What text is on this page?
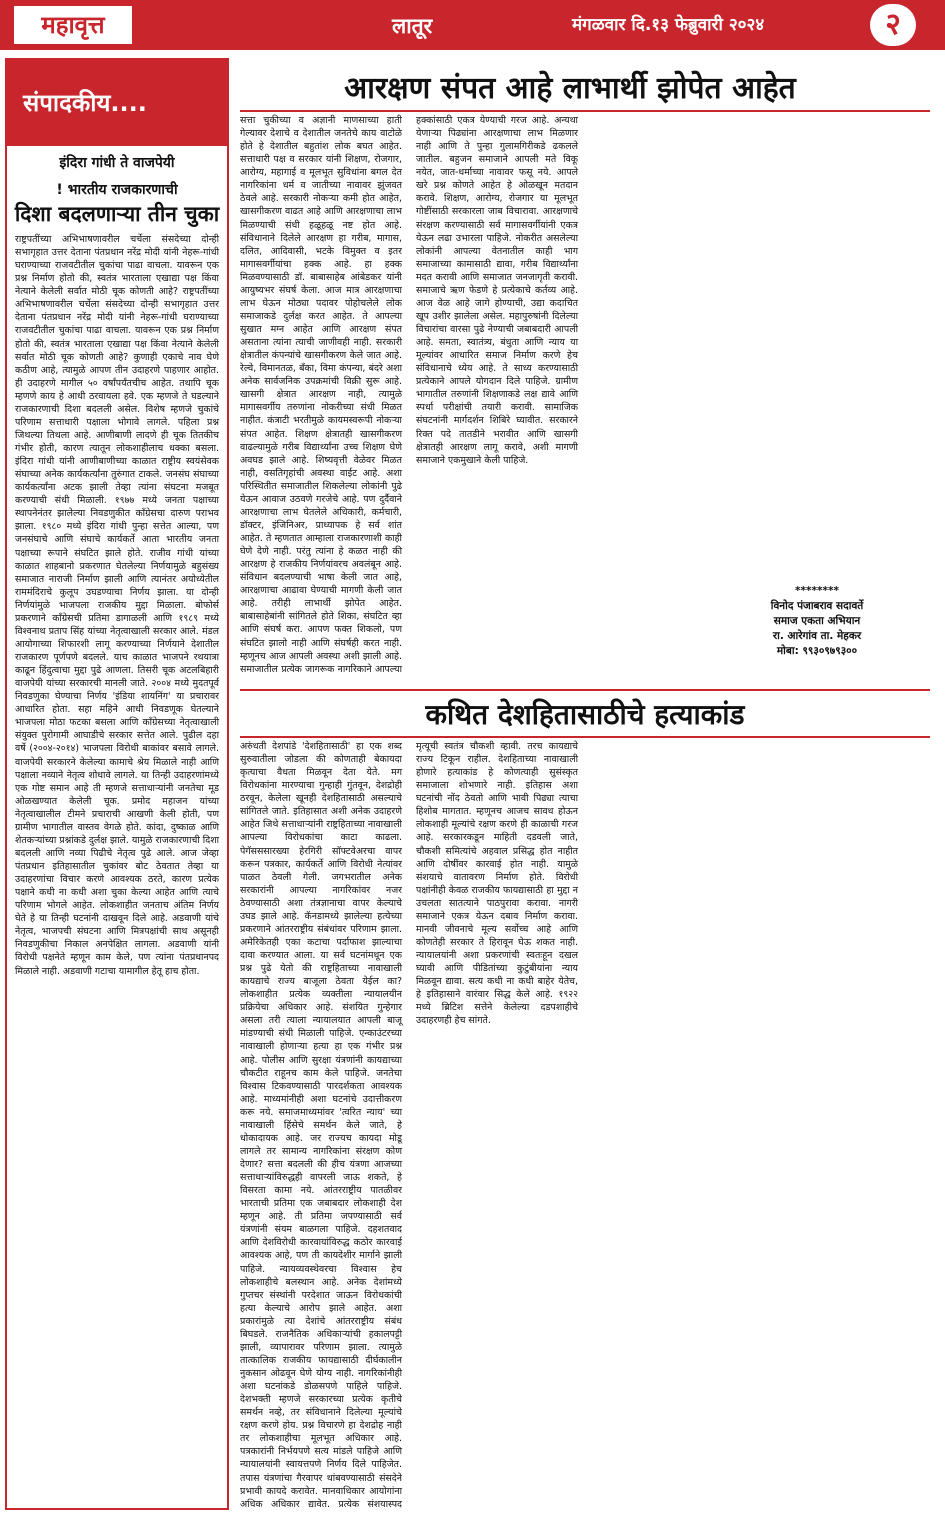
महावृत्त	लातूर	मंगळवार दि.१३ फेब्रुवारी २०२४	२
संपादकीय....
इंदिरा गांधी ते वाजपेयी
! भारतीय राजकारणाची
दिशा बदलणाऱ्या तीन चुका
राष्ट्रपतींच्या अभिभाषणावरील चर्चेला संसदेच्या दोन्ही सभागृहात उत्तर देताना पंतप्रधान नरेंद्र मोदी यांनी नेहरू-गांधी घराण्याच्या राजवटीतील चुकांचा पाढा वाचला. यावरून एक प्रश्न निर्माण होतो की, स्वतंत्र भारताला एखाद्या पक्ष किंवा नेत्याने केलेली सर्वात मोठी चूक कोणती आहे? राष्ट्रपतींच्या अभिभाषणावरील चर्चेला संसदेच्या दोन्ही सभागृहात उत्तर देताना पंतप्रधान नरेंद्र मोदी यांनी नेहरू-गांधी घराण्याच्या राजवटीतील चुकांचा पाढा वाचला. यावरून एक प्रश्न निर्माण होतो की, स्वतंत्र भारताला एखाद्या पक्ष किंवा नेत्याने केलेली सर्वात मोठी चूक कोणती आहे? कुणाही एकाचे नाव घेणे कठीण आहे, त्यामुळे आपण तीन उदाहरणे पाहणार आहोत. ही उदाहरणे मागील ५० वर्षांपर्यंतचीच आहेत. तथापि चूक म्हणणे काय हे आधी ठरवायला हवे. एक म्हणजे ते घडल्याने राजकारणाची दिशा बदलली असेल. विशेष म्हणजे चुकांचे परिणाम सत्ताधारी पक्षाला भोगावे लागले. पहिला प्रश्न जिथल्या तिथला आहे. आणीबाणी लादणे ही चूक तितकीच गंभीर होती, कारण त्यातून लोकशाहीलाच धक्का बसला. इंदिरा गांधी यांनी आणीबाणीच्या काळात राष्ट्रीय स्वयंसेवक संघाच्या अनेक कार्यकर्त्यांना तुरुंगात टाकले. जनसंघ संघाच्या कार्यकर्त्यांना अटक झाली तेव्हा त्यांना संघटना मजबूत करण्याची संधी मिळाली. १९७७ मध्ये जनता पक्षाच्या स्थापनेनंतर झालेल्या निवडणुकीत काँग्रेसचा दारुण पराभव झाला. १९८० मध्ये इंदिरा गांधी पुन्हा सत्तेत आल्या, पण जनसंघाचे आणि संघाचे कार्यकर्ते आता भारतीय जनता पक्षाच्या रूपाने संघटित झाले होते. राजीव गांधी यांच्या काळात शाहबानो प्रकरणात घेतलेल्या निर्णयामुळे बहुसंख्य समाजात नाराजी निर्माण झाली आणि त्यानंतर अयोध्येतील राममंदिराचे कुलूप उघडण्याचा निर्णय झाला. या दोन्ही निर्णयांमुळे भाजपला राजकीय मुद्दा मिळाला. बोफोर्स प्रकरणाने काँग्रेसची प्रतिमा डागाळली आणि १९८९ मध्ये विश्वनाथ प्रताप सिंह यांच्या नेतृत्वाखाली सरकार आले. मंडल आयोगाच्या शिफारशी लागू करण्याच्या निर्णयाने देशातील राजकारण पूर्णपणे बदलले. याच काळात भाजपने रथयात्रा काढून हिंदुत्वाचा मुद्दा पुढे आणला. तिसरी चूक अटलबिहारी वाजपेयी यांच्या सरकारची मानली जाते. २००४ मध्ये मुदतपूर्व निवडणुका घेण्याचा निर्णय 'इंडिया शायनिंग' या प्रचारावर आधारित होता. सहा महिने आधी निवडणूक घेतल्याने भाजपला मोठा फटका बसला आणि काँग्रेसच्या नेतृत्वाखाली संयुक्त पुरोगामी आघाडीचे सरकार सत्तेत आले. पुढील दहा वर्षे (२००४-२०१४) भाजपला विरोधी बाकांवर बसावे लागले. वाजपेयी सरकारने केलेल्या कामाचे श्रेय मिळाले नाही आणि पक्षाला नव्याने नेतृत्व शोधावे लागले. या तिन्ही उदाहरणांमध्ये एक गोष्ट समान आहे ती म्हणजे सत्ताधाऱ्यांनी जनतेचा मूड ओळखण्यात केलेली चूक. प्रमोद महाजन यांच्या नेतृत्वाखालील टीमने प्रचाराची आखणी केली होती, पण ग्रामीण भागातील वास्तव वेगळे होते. कांदा, दुष्काळ आणि शेतकऱ्यांच्या प्रश्नांकडे दुर्लक्ष झाले. यामुळे राजकारणाची दिशा बदलली आणि नव्या पिढीचे नेतृत्व पुढे आले. आज जेव्हा पंतप्रधान इतिहासातील चुकांवर बोट ठेवतात तेव्हा या उदाहरणांचा विचार करणे आवश्यक ठरते, कारण प्रत्येक पक्षाने कधी ना कधी अशा चुका केल्या आहेत आणि त्याचे परिणाम भोगले आहेत. लोकशाहीत जनताच अंतिम निर्णय घेते हे या तिन्ही घटनांनी दाखवून दिले आहे. अडवाणी यांचे नेतृत्व, भाजपची संघटना आणि मित्रपक्षांची साथ असूनही निवडणुकीचा निकाल अनपेक्षित लागला. अडवाणी यांनी विरोधी पक्षनेते म्हणून काम केले, पण त्यांना पंतप्रधानपद मिळाले नाही. अडवाणी गटाचा यामागील हेतू हाच होता.
आरक्षण संपत आहे लाभार्थी झोपेत आहेत

सत्ता चुकीच्या व अज्ञानी माणसाच्या हाती गेल्यावर देशाचे व देशातील जनतेचे काय वाटोळे होते हे देशातील बहुतांश लोक बघत आहेत. सत्ताधारी पक्ष व सरकार यांनी शिक्षण, रोजगार, आरोग्य, महागाई व मूलभूत सुविधांना बगल देत नागरिकांना धर्म व जातीच्या नावावर झुंजवत ठेवले आहे. सरकारी नोकऱ्या कमी होत आहेत, खासगीकरण वाढत आहे आणि आरक्षणाचा लाभ मिळण्याची संधी हळूहळू नष्ट होत आहे. संविधानाने दिलेले आरक्षण हा गरीब, मागास, दलित, आदिवासी, भटके विमुक्त व इतर मागासवर्गीयांचा हक्क आहे. हा हक्क मिळवण्यासाठी डॉ. बाबासाहेब आंबेडकर यांनी आयुष्यभर संघर्ष केला. आज मात्र आरक्षणाचा लाभ घेऊन मोठ्या पदावर पोहोचलेले लोक समाजाकडे दुर्लक्ष करत आहेत. ते आपल्या सुखात मग्न आहेत आणि आरक्षण संपत असताना त्यांना त्याची जाणीवही नाही. सरकारी क्षेत्रातील कंपन्यांचे खासगीकरण केले जात आहे. रेल्वे, विमानतळ, बँका, विमा कंपन्या, बंदरे अशा अनेक सार्वजनिक उपक्रमांची विक्री सुरू आहे. खासगी क्षेत्रात आरक्षण नाही, त्यामुळे मागासवर्गीय तरुणांना नोकरीच्या संधी मिळत नाहीत. कंत्राटी भरतीमुळे कायमस्वरूपी नोकऱ्या संपत आहेत. शिक्षण क्षेत्रातही खासगीकरण वाढल्यामुळे गरीब विद्यार्थ्यांना उच्च शिक्षण घेणे अवघड झाले आहे. शिष्यवृत्ती वेळेवर मिळत नाही, वसतिगृहांची अवस्था वाईट आहे. अशा परिस्थितीत समाजातील शिकलेल्या लोकांनी पुढे येऊन आवाज उठवणे गरजेचे आहे. पण दुर्दैवाने आरक्षणाचा लाभ घेतलेले अधिकारी, कर्मचारी, डॉक्टर, इंजिनिअर, प्राध्यापक हे सर्व शांत आहेत. ते म्हणतात आम्हाला राजकारणाशी काही घेणे देणे नाही. परंतु त्यांना हे कळत नाही की आरक्षण हे राजकीय निर्णयांवरच अवलंबून आहे. संविधान बदलण्याची भाषा केली जात आहे, आरक्षणाचा आढावा घेण्याची मागणी केली जात आहे. तरीही लाभार्थी झोपेत आहेत. बाबासाहेबांनी सांगितले होते शिका, संघटित व्हा आणि संघर्ष करा. आपण फक्त शिकलो, पण संघटित झालो नाही आणि संघर्षही करत नाही. म्हणूनच आज आपली अवस्था अशी झाली आहे. समाजातील प्रत्येक जागरूक नागरिकाने आपल्या हक्कांसाठी एकत्र येण्याची गरज आहे. अन्यथा येणाऱ्या पिढ्यांना आरक्षणाचा लाभ मिळणार नाही आणि ते पुन्हा गुलामगिरीकडे ढकलले जातील. बहुजन समाजाने आपली मते विकू नयेत, जात-धर्माच्या नावावर फसू नये. आपले खरे प्रश्न कोणते आहेत हे ओळखून मतदान करावे. शिक्षण, आरोग्य, रोजगार या मूलभूत गोष्टींसाठी सरकारला जाब विचारावा. आरक्षणाचे संरक्षण करण्यासाठी सर्व मागासवर्गीयांनी एकत्र येऊन लढा उभारला पाहिजे. नोकरीत असलेल्या लोकांनी आपल्या वेतनातील काही भाग समाजाच्या कामासाठी द्यावा, गरीब विद्यार्थ्यांना मदत करावी आणि समाजात जनजागृती करावी. समाजाचे ऋण फेडणे हे प्रत्येकाचे कर्तव्य आहे. आज वेळ आहे जागे होण्याची, उद्या कदाचित खूप उशीर झालेला असेल. महापुरुषांनी दिलेल्या विचारांचा वारसा पुढे नेण्याची जबाबदारी आपली आहे. समता, स्वातंत्र्य, बंधुता आणि न्याय या मूल्यांवर आधारित समाज निर्माण करणे हेच संविधानाचे ध्येय आहे. ते साध्य करण्यासाठी प्रत्येकाने आपले योगदान दिले पाहिजे. ग्रामीण भागातील तरुणांनी शिक्षणाकडे लक्ष द्यावे आणि स्पर्धा परीक्षांची तयारी करावी. सामाजिक संघटनांनी मार्गदर्शन शिबिरे घ्यावीत. सरकारने रिक्त पदे तातडीने भरावीत आणि खासगी क्षेत्रातही आरक्षण लागू करावे, अशी मागणी समाजाने एकमुखाने केली पाहिजे.

********
विनोद पंजाबराव सदावर्ते
समाज एकता अभियान
रा. आरेगांव ता. मेहकर
मोबा: ९९३०९७९३००
कथित देशहितासाठीचे हत्याकांड

अरुंधती देशपांडे 'देशहितासाठी' हा एक शब्द सुरुवातीला जोडला की कोणताही बेकायदा कृत्याचा वैधता मिळवून देता येते. मग विरोधकांना मारण्याचा गुन्हाही गुंतवून, देशद्रोही ठरवून, केलेला खूनही देशहितासाठी असल्याचे सांगितले जाते. इतिहासात अशी अनेक उदाहरणे आहेत जिथे सत्ताधाऱ्यांनी राष्ट्रहिताच्या नावाखाली आपल्या विरोधकांचा काटा काढला. पेगॅसससारख्या हेरगिरी सॉफ्टवेअरचा वापर करून पत्रकार, कार्यकर्ते आणि विरोधी नेत्यांवर पाळत ठेवली गेली. जगभरातील अनेक सरकारांनी आपल्या नागरिकांवर नजर ठेवण्यासाठी अशा तंत्रज्ञानाचा वापर केल्याचे उघड झाले आहे. कॅनडामध्ये झालेल्या हत्येच्या प्रकरणाने आंतरराष्ट्रीय संबंधांवर परिणाम झाला. अमेरिकेतही एका कटाचा पर्दाफाश झाल्याचा दावा करण्यात आला. या सर्व घटनांमधून एक प्रश्न पुढे येतो की राष्ट्रहिताच्या नावाखाली कायद्याचे राज्य बाजूला ठेवता येईल का? लोकशाहीत प्रत्येक व्यक्तीला न्यायालयीन प्रक्रियेचा अधिकार आहे. संशयित गुन्हेगार असला तरी त्याला न्यायालयात आपली बाजू मांडण्याची संधी मिळाली पाहिजे. एन्काउंटरच्या नावाखाली होणाऱ्या हत्या हा एक गंभीर प्रश्न आहे. पोलीस आणि सुरक्षा यंत्रणांनी कायद्याच्या चौकटीत राहूनच काम केले पाहिजे. जनतेचा विश्वास टिकवण्यासाठी पारदर्शकता आवश्यक आहे. माध्यमांनीही अशा घटनांचे उदात्तीकरण करू नये. समाजमाध्यमांवर 'त्वरित न्याय' च्या नावाखाली हिंसेचे समर्थन केले जाते, हे धोकादायक आहे. जर राज्यच कायदा मोडू लागले तर सामान्य नागरिकांना संरक्षण कोण देणार? सत्ता बदलली की हीच यंत्रणा आजच्या सत्ताधाऱ्यांविरुद्धही वापरली जाऊ शकते, हे विसरता कामा नये. आंतरराष्ट्रीय पातळीवर भारताची प्रतिमा एक जबाबदार लोकशाही देश म्हणून आहे. ती प्रतिमा जपण्यासाठी सर्व यंत्रणांनी संयम बाळगला पाहिजे. दहशतवाद आणि देशविरोधी कारवायांविरुद्ध कठोर कारवाई आवश्यक आहे, पण ती कायदेशीर मार्गाने झाली पाहिजे. न्यायव्यवस्थेवरचा विश्वास हेच लोकशाहीचे बलस्थान आहे. अनेक देशांमध्ये गुप्तचर संस्थांनी परदेशात जाऊन विरोधकांची हत्या केल्याचे आरोप झाले आहेत. अशा प्रकारांमुळे त्या देशांचे आंतरराष्ट्रीय संबंध बिघडले. राजनैतिक अधिकाऱ्यांची हकालपट्टी झाली, व्यापारावर परिणाम झाला. त्यामुळे तात्कालिक राजकीय फायद्यासाठी दीर्घकालीन नुकसान ओढवून घेणे योग्य नाही. नागरिकांनीही अशा घटनांकडे डोळसपणे पाहिले पाहिजे. देशभक्ती म्हणजे सरकारच्या प्रत्येक कृतीचे समर्थन नव्हे, तर संविधानाने दिलेल्या मूल्यांचे रक्षण करणे होय. प्रश्न विचारणे हा देशद्रोह नाही तर लोकशाहीचा मूलभूत अधिकार आहे. पत्रकारांनी निर्भयपणे सत्य मांडले पाहिजे आणि न्यायालयांनी स्वायत्तपणे निर्णय दिले पाहिजेत. तपास यंत्रणांचा गैरवापर थांबवण्यासाठी संसदेने प्रभावी कायदे करावेत. मानवाधिकार आयोगांना अधिक अधिकार द्यावेत. प्रत्येक संशयास्पद मृत्यूची स्वतंत्र चौकशी व्हावी. तरच कायद्याचे राज्य टिकून राहील. देशहिताच्या नावाखाली होणारे हत्याकांड हे कोणत्याही सुसंस्कृत समाजाला शोभणारे नाही. इतिहास अशा घटनांची नोंद ठेवतो आणि भावी पिढ्या त्याचा हिशोब मागतात. म्हणूनच आजच सावध होऊन लोकशाही मूल्यांचे रक्षण करणे ही काळाची गरज आहे. सरकारकडून माहिती दडवली जाते, चौकशी समित्यांचे अहवाल प्रसिद्ध होत नाहीत आणि दोषींवर कारवाई होत नाही. यामुळे संशयाचे वातावरण निर्माण होते. विरोधी पक्षांनीही केवळ राजकीय फायद्यासाठी हा मुद्दा न उचलता सातत्याने पाठपुरावा करावा. नागरी समाजाने एकत्र येऊन दबाव निर्माण करावा. मानवी जीवनाचे मूल्य सर्वोच्च आहे आणि कोणतेही सरकार ते हिरावून घेऊ शकत नाही. न्यायालयांनी अशा प्रकरणांची स्वतःहून दखल घ्यावी आणि पीडितांच्या कुटुंबीयांना न्याय मिळवून द्यावा. सत्य कधी ना कधी बाहेर येतेच, हे इतिहासाने वारंवार सिद्ध केले आहे. १९२२ मध्ये ब्रिटिश सत्तेने केलेल्या दडपशाहीचे उदाहरणही हेच सांगते.
